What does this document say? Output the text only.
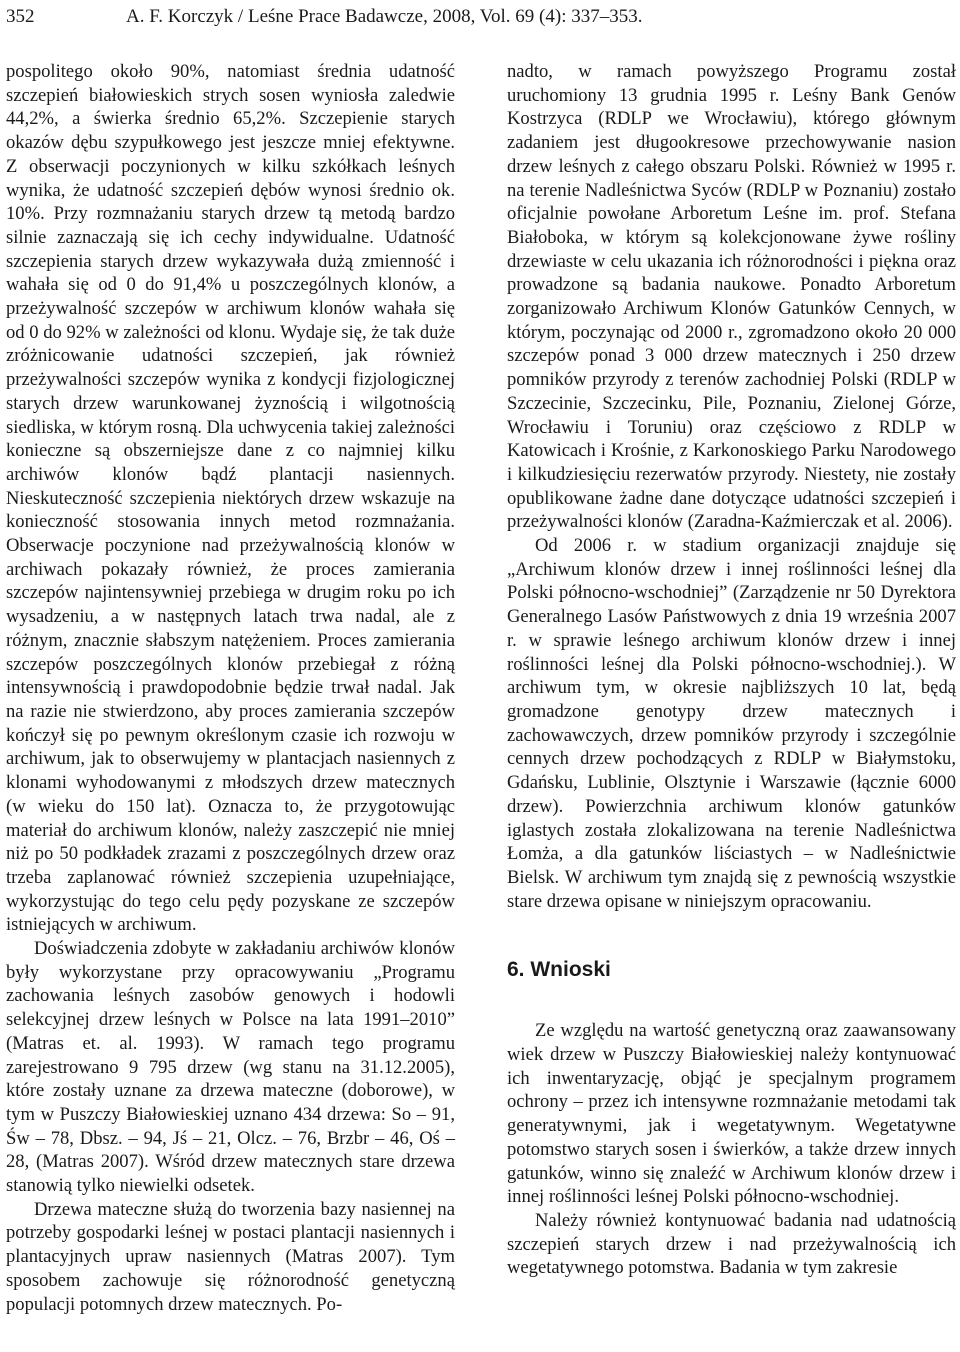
352	A. F. Korczyk / Leśne Prace Badawcze, 2008, Vol. 69 (4): 337–353.

pospolitego około 90%, natomiast średnia udatność szczepień białowieskich strych sosen wyniosła zaledwie 44,2%, a świerka średnio 65,2%. Szczepienie starych okazów dębu szypułkowego jest jeszcze mniej efektywne. Z obserwacji poczynionych w kilku szkółkach leśnych wynika, że udatność szczepień dębów wynosi średnio ok. 10%. Przy rozmnażaniu starych drzew tą metodą bardzo silnie zaznaczają się ich cechy indywidualne. Udatność szczepienia starych drzew wykazywała dużą zmienność i wahała się od 0 do 91,4% u poszczególnych klonów, a przeżywalność szczepów w archiwum klonów wahała się od 0 do 92% w zależności od klonu. Wydaje się, że tak duże zróżnicowanie udatności szczepień, jak również przeżywalności szczepów wynika z kondycji fizjologicznej starych drzew warunkowanej żyznością i wilgotnością siedliska, w którym rosną. Dla uchwycenia takiej zależności konieczne są obszerniejsze dane z co najmniej kilku archiwów klonów bądź plantacji nasiennych. Nieskuteczność szczepienia niektórych drzew wskazuje na konieczność stosowania innych metod rozmnażania. Obserwacje poczynione nad przeżywalnością klonów w archiwach pokazały również, że proces zamierania szczepów najintensywniej przebiega w drugim roku po ich wysadzeniu, a w następnych latach trwa nadal, ale z różnym, znacznie słabszym natężeniem. Proces zamierania szczepów poszczególnych klonów przebiegał z różną intensywnością i prawdopodobnie będzie trwał nadal. Jak na razie nie stwierdzono, aby proces zamierania szczepów kończył się po pewnym określonym czasie ich rozwoju w archiwum, jak to obserwujemy w plantacjach nasiennych z klonami wyhodowanymi z młodszych drzew matecznych (w wieku do 150 lat). Oznacza to, że przygotowując materiał do archiwum klonów, należy zaszczepić nie mniej niż po 50 podkładek zrazami z poszczególnych drzew oraz trzeba zaplanować również szczepienia uzupełniające, wykorzystując do tego celu pędy pozyskane ze szczepów istniejących w archiwum.

Doświadczenia zdobyte w zakładaniu archiwów klonów były wykorzystane przy opracowywaniu „Programu zachowania leśnych zasobów genowych i hodowli selekcyjnej drzew leśnych w Polsce na lata 1991–2010” (Matras et. al. 1993). W ramach tego programu zarejestrowano 9 795 drzew (wg stanu na 31.12.2005), które zostały uznane za drzewa mateczne (doborowe), w tym w Puszczy Białowieskiej uznano 434 drzewa: So – 91, Św – 78, Dbsz. – 94, Jś – 21, Olcz. – 76, Brzbr – 46, Oś – 28, (Matras 2007). Wśród drzew matecznych stare drzewa stanowią tylko niewielki odsetek.

Drzewa mateczne służą do tworzenia bazy nasiennej na potrzeby gospodarki leśnej w postaci plantacji nasiennych i plantacyjnych upraw nasiennych (Matras 2007). Tym sposobem zachowuje się różnorodność genetyczną populacji potomnych drzew matecznych. Po-

nadto, w ramach powyższego Programu został uruchomiony 13 grudnia 1995 r. Leśny Bank Genów Kostrzyca (RDLP we Wrocławiu), którego głównym zadaniem jest długookresowe przechowywanie nasion drzew leśnych z całego obszaru Polski. Również w 1995 r. na terenie Nadleśnictwa Syców (RDLP w Poznaniu) zostało oficjalnie powołane Arboretum Leśne im. prof. Stefana Białoboka, w którym są kolekcjonowane żywe rośliny drzewiaste w celu ukazania ich różnorodności i piękna oraz prowadzone są badania naukowe. Ponadto Arboretum zorganizowało Archiwum Klonów Gatunków Cennych, w którym, poczynając od 2000 r., zgromadzono około 20 000 szczepów ponad 3 000 drzew matecznych i 250 drzew pomników przyrody z terenów zachodniej Polski (RDLP w Szczecinie, Szczecinku, Pile, Poznaniu, Zielonej Górze, Wrocławiu i Toruniu) oraz częściowo z RDLP w Katowicach i Krośnie, z Karkonoskiego Parku Narodowego i kilkudziesięciu rezerwatów przyrody. Niestety, nie zostały opublikowane żadne dane dotyczące udatności szczepień i przeżywalności klonów (Zaradna-Kaźmierczak et al. 2006).

Od 2006 r. w stadium organizacji znajduje się „Archiwum klonów drzew i innej roślinności leśnej dla Polski północno-wschodniej” (Zarządzenie nr 50 Dyrektora Generalnego Lasów Państwowych z dnia 19 września 2007 r. w sprawie leśnego archiwum klonów drzew i innej roślinności leśnej dla Polski północno-wschodniej.). W archiwum tym, w okresie najbliższych 10 lat, będą gromadzone genotypy drzew matecznych i zachowawczych, drzew pomników przyrody i szczególnie cennych drzew pochodzących z RDLP w Białymstoku, Gdańsku, Lublinie, Olsztynie i Warszawie (łącznie 6000 drzew). Powierzchnia archiwum klonów gatunków iglastych została zlokalizowana na terenie Nadleśnictwa Łomża, a dla gatunków liściastych – w Nadleśnictwie Bielsk. W archiwum tym znajdą się z pewnością wszystkie stare drzewa opisane w niniejszym opracowaniu.

6. Wnioski

Ze względu na wartość genetyczną oraz zaawansowany wiek drzew w Puszczy Białowieskiej należy kontynuować ich inwentaryzację, objąć je specjalnym programem ochrony – przez ich intensywne rozmnażanie metodami tak generatywnymi, jak i wegetatywnym. Wegetatywne potomstwo starych sosen i świerków, a także drzew innych gatunków, winno się znaleźć w Archiwum klonów drzew i innej roślinności leśnej Polski północno-wschodniej.

Należy również kontynuować badania nad udatnością szczepień starych drzew i nad przeżywalnością ich wegetatywnego potomstwa. Badania w tym zakresie
